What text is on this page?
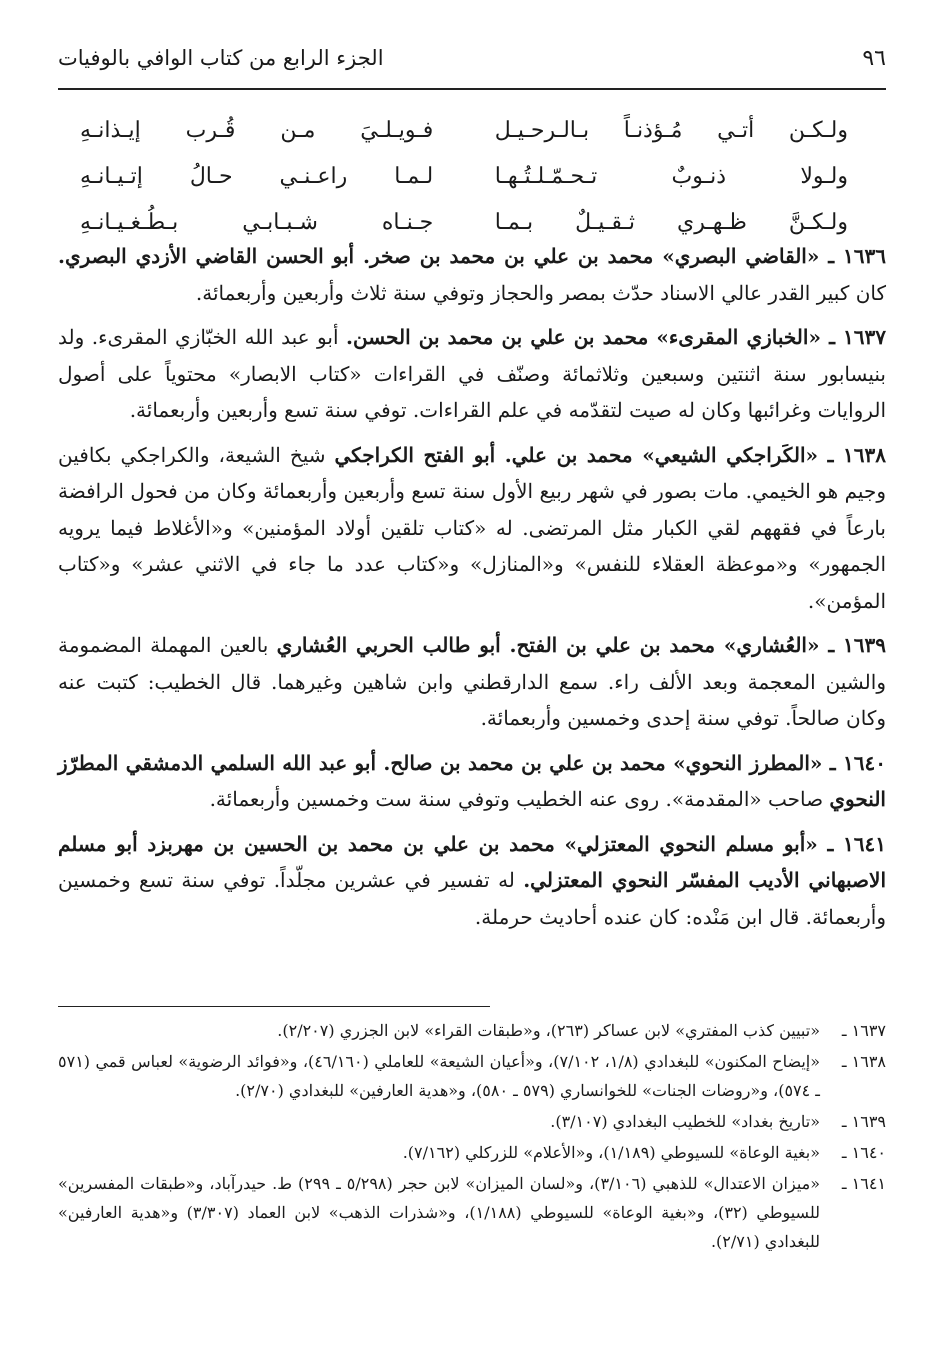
٩٦
الجزء الرابع من كتاب الوافي بالوفيات
ولـكـن أتـي مُـؤذنـاً بـالـرحـيـل
فـويـلـيَ مـن قُـرب إيـذانـهِ
ولـولا ذنـوبٌ تـحـمّـلـتُـهـا
لـمـا راعـنـي حـالُ إتـيـانـهِ
ولـكـنَّ ظـهـري ثـقـيـلٌ بـمـا
جـنـاه شـبـابـي بـطُـغـيـانـهِ

١٦٣٦ ـ «القاضي البصري» محمد بن علي بن محمد بن صخر. أبو الحسن القاضي الأزدي البصري. كان كبير القدر عالي الاسناد حدّث بمصر والحجاز وتوفي سنة ثلاث وأربعين وأربعمائة.

١٦٣٧ ـ «الخبازي المقرىء» محمد بن علي بن محمد بن الحسن. أبو عبد الله الخبّازي المقرىء. ولد بنيسابور سنة اثنتين وسبعين وثلاثمائة وصنّف في القراءات «كتاب الابصار» محتوياً على أصول الروايات وغرائبها وكان له صيت لتقدّمه في علم القراءات. توفي سنة تسع وأربعين وأربعمائة.

١٦٣٨ ـ «الكَراجكي الشيعي» محمد بن علي. أبو الفتح الكراجكي شيخ الشيعة، والكراجكي بكافين وجيم هو الخيمي. مات بصور في شهر ربيع الأول سنة تسع وأربعين وأربعمائة وكان من فحول الرافضة بارعاً في فقههم لقي الكبار مثل المرتضى. له «كتاب تلقين أولاد المؤمنين» و«الأغلاط فيما يرويه الجمهور» و«موعظة العقلاء للنفس» و«المنازل» و«كتاب عدد ما جاء في الاثني عشر» و«كتاب المؤمن».

١٦٣٩ ـ «العُشاري» محمد بن علي بن الفتح. أبو طالب الحربي العُشاري بالعين المهملة المضمومة والشين المعجمة وبعد الألف راء. سمع الدارقطني وابن شاهين وغيرهما. قال الخطيب: كتبت عنه وكان صالحاً. توفي سنة إحدى وخمسين وأربعمائة.

١٦٤٠ ـ «المطرز النحوي» محمد بن علي بن محمد بن صالح. أبو عبد الله السلمي الدمشقي المطرّز النحوي صاحب «المقدمة». روى عنه الخطيب وتوفي سنة ست وخمسين وأربعمائة.

١٦٤١ ـ «أبو مسلم النحوي المعتزلي» محمد بن علي بن محمد بن الحسين بن مهربزد أبو مسلم الاصبهاني الأديب المفسّر النحوي المعتزلي. له تفسير في عشرين مجلّداً. توفي سنة تسع وخمسين وأربعمائة. قال ابن مَنْده: كان عنده أحاديث حرملة.

١٦٣٧ ـ
«تبيين كذب المفتري» لابن عساكر (٢٦٣)، و«طبقات القراء» لابن الجزري (٢/٢٠٧).
١٦٣٨ ـ
«إيضاح المكنون» للبغدادي (١/٨، ٧/١٠٢)، و«أعيان الشيعة» للعاملي (٤٦/١٦٠)، و«فوائد الرضوية» لعباس قمي (٥٧١ ـ ٥٧٤)، و«روضات الجنات» للخوانساري (٥٧٩ ـ ٥٨٠)، و«هدية العارفين» للبغدادي (٢/٧٠).
١٦٣٩ ـ
«تاريخ بغداد» للخطيب البغدادي (٣/١٠٧).
١٦٤٠ ـ
«بغية الوعاة» للسيوطي (١/١٨٩)، و«الأعلام» للزركلي (٧/١٦٢).
١٦٤١ ـ
«ميزان الاعتدال» للذهبي (٣/١٠٦)، و«لسان الميزان» لابن حجر (٥/٢٩٨ ـ ٢٩٩) ط. حيدرآباد، و«طبقات المفسرين» للسيوطي (٣٢)، و«بغية الوعاة» للسيوطي (١/١٨٨)، و«شذرات الذهب» لابن العماد (٣/٣٠٧) و«هدية العارفين» للبغدادي (٢/٧١).
